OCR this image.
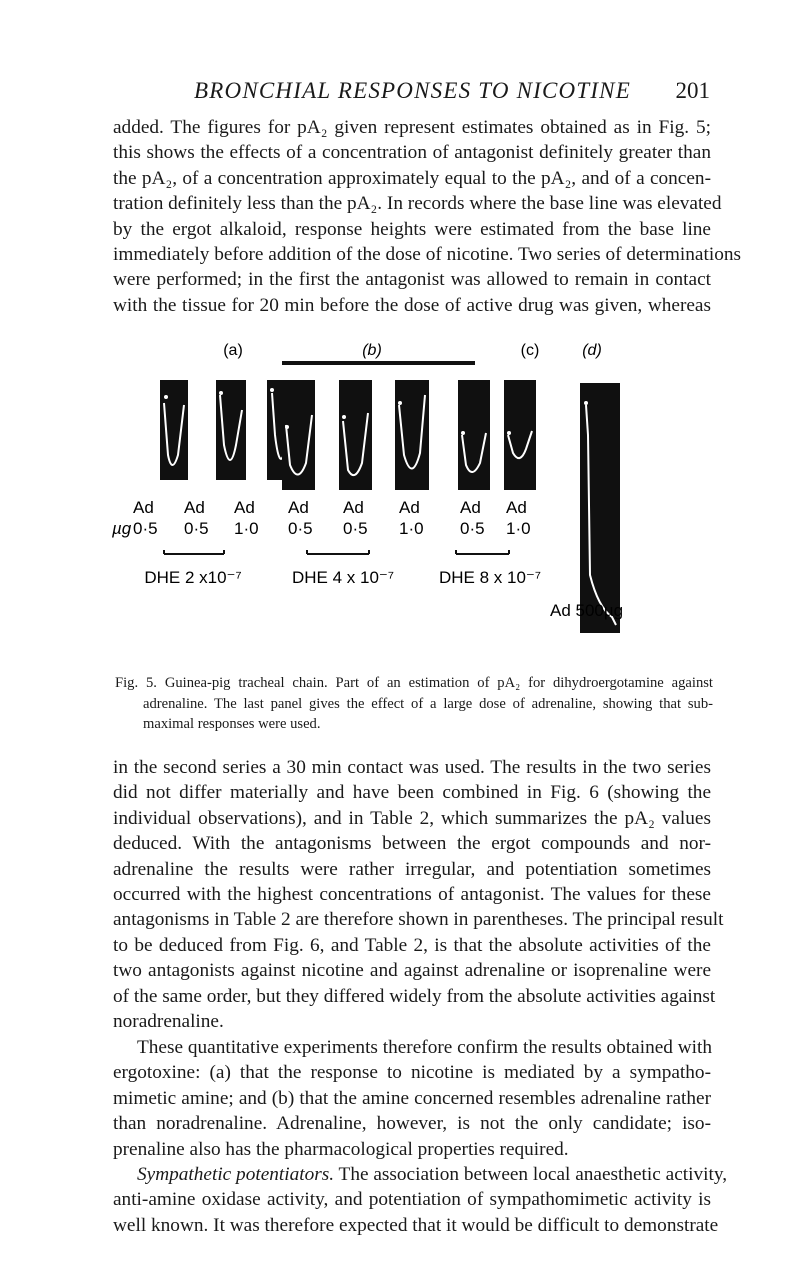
BRONCHIAL RESPONSES TO NICOTINE	201

added. The figures for pA₂ given represent estimates obtained as in Fig. 5;
this shows the effects of a concentration of antagonist definitely greater than
the pA₂, of a concentration approximately equal to the pA₂, and of a concen-
tration definitely less than the pA₂. In records where the base line was elevated
by the ergot alkaloid, response heights were estimated from the base line
immediately before addition of the dose of nicotine. Two series of determinations
were performed; in the first the antagonist was allowed to remain in contact
with the tissue for 20 min before the dose of active drug was given, whereas

(a)	(b)	(c)	(d)
Ad
µg 0·5
Ad
0·5
Ad
1·0
Ad
0·5
Ad
0·5
Ad
1·0
Ad
0·5
Ad
1·0
DHE 2 x10⁻⁷	DHE 4 x 10⁻⁷	DHE 8 x 10⁻⁷
Ad 500µg
Fig. 5. Guinea-pig tracheal chain. Part of an estimation of pA₂ for dihydroergotamine against
adrenaline. The last panel gives the effect of a large dose of adrenaline, showing that sub-
maximal responses were used.

in the second series a 30 min contact was used. The results in the two series
did not differ materially and have been combined in Fig. 6 (showing the
individual observations), and in Table 2, which summarizes the pA₂ values
deduced. With the antagonisms between the ergot compounds and nor-
adrenaline the results were rather irregular, and potentiation sometimes
occurred with the highest concentrations of antagonist. The values for these
antagonisms in Table 2 are therefore shown in parentheses. The principal result
to be deduced from Fig. 6, and Table 2, is that the absolute activities of the
two antagonists against nicotine and against adrenaline or isoprenaline were
of the same order, but they differed widely from the absolute activities against
noradrenaline.

These quantitative experiments therefore confirm the results obtained with
ergotoxine: (a) that the response to nicotine is mediated by a sympatho-
mimetic amine; and (b) that the amine concerned resembles adrenaline rather
than noradrenaline. Adrenaline, however, is not the only candidate; iso-
prenaline also has the pharmacological properties required.

Sympathetic potentiators. The association between local anaesthetic activity,
anti-amine oxidase activity, and potentiation of sympathomimetic activity is
well known. It was therefore expected that it would be difficult to demonstrate
